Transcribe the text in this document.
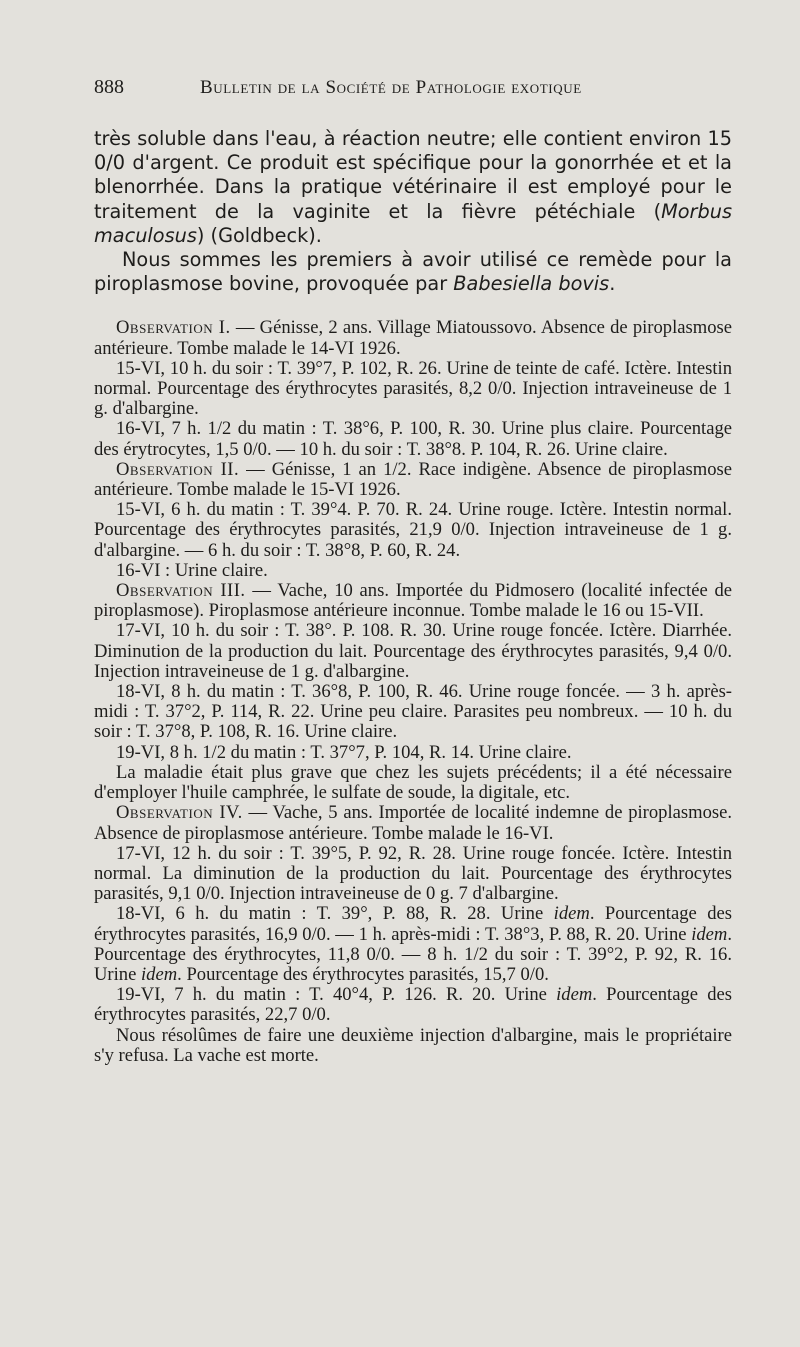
888	Bulletin de la Société de Pathologie exotique

très soluble dans l'eau, à réaction neutre; elle contient environ 15 0/0 d'argent. Ce produit est spécifique pour la gonorrhée et et la blenorrhée. Dans la pratique vétérinaire il est employé pour le traitement de la vaginite et la fièvre pétéchiale (Morbus maculosus) (Goldbeck).

Nous sommes les premiers à avoir utilisé ce remède pour la piroplasmose bovine, provoquée par Babesiella bovis.

Observation I. — Génisse, 2 ans. Village Miatoussovo. Absence de piroplasmose antérieure. Tombe malade le 14-VI 1926.

15-VI, 10 h. du soir : T. 39°7, P. 102, R. 26. Urine de teinte de café. Ictère. Intestin normal. Pourcentage des érythrocytes parasités, 8,2 0/0. Injection intraveineuse de 1 g. d'albargine.

16-VI, 7 h. 1/2 du matin : T. 38°6, P. 100, R. 30. Urine plus claire. Pourcentage des érytrocytes, 1,5 0/0. — 10 h. du soir : T. 38°8. P. 104, R. 26. Urine claire.

Observation II. — Génisse, 1 an 1/2. Race indigène. Absence de piroplasmose antérieure. Tombe malade le 15-VI 1926.

15-VI, 6 h. du matin : T. 39°4. P. 70. R. 24. Urine rouge. Ictère. Intestin normal. Pourcentage des érythrocytes parasités, 21,9 0/0. Injection intraveineuse de 1 g. d'albargine. — 6 h. du soir : T. 38°8, P. 60, R. 24.

16-VI : Urine claire.

Observation III. — Vache, 10 ans. Importée du Pidmosero (localité infectée de piroplasmose). Piroplasmose antérieure inconnue. Tombe malade le 16 ou 15-VII.

17-VI, 10 h. du soir : T. 38°. P. 108. R. 30. Urine rouge foncée. Ictère. Diarrhée. Diminution de la production du lait. Pourcentage des érythrocytes parasités, 9,4 0/0. Injection intraveineuse de 1 g. d'albargine.

18-VI, 8 h. du matin : T. 36°8, P. 100, R. 46. Urine rouge foncée. — 3 h. après-midi : T. 37°2, P. 114, R. 22. Urine peu claire. Parasites peu nombreux. — 10 h. du soir : T. 37°8, P. 108, R. 16. Urine claire.

19-VI, 8 h. 1/2 du matin : T. 37°7, P. 104, R. 14. Urine claire.

La maladie était plus grave que chez les sujets précédents; il a été nécessaire d'employer l'huile camphrée, le sulfate de soude, la digitale, etc.

Observation IV. — Vache, 5 ans. Importée de localité indemne de piroplasmose. Absence de piroplasmose antérieure. Tombe malade le 16-VI.

17-VI, 12 h. du soir : T. 39°5, P. 92, R. 28. Urine rouge foncée. Ictère. Intestin normal. La diminution de la production du lait. Pourcentage des érythrocytes parasités, 9,1 0/0. Injection intraveineuse de 0 g. 7 d'albargine.

18-VI, 6 h. du matin : T. 39°, P. 88, R. 28. Urine idem. Pourcentage des érythrocytes parasités, 16,9 0/0. — 1 h. après-midi : T. 38°3, P. 88, R. 20. Urine idem. Pourcentage des érythrocytes, 11,8 0/0. — 8 h. 1/2 du soir : T. 39°2, P. 92, R. 16. Urine idem. Pourcentage des érythrocytes parasités, 15,7 0/0.

19-VI, 7 h. du matin : T. 40°4, P. 126. R. 20. Urine idem. Pourcentage des érythrocytes parasités, 22,7 0/0.

Nous résolûmes de faire une deuxième injection d'albargine, mais le propriétaire s'y refusa. La vache est morte.
